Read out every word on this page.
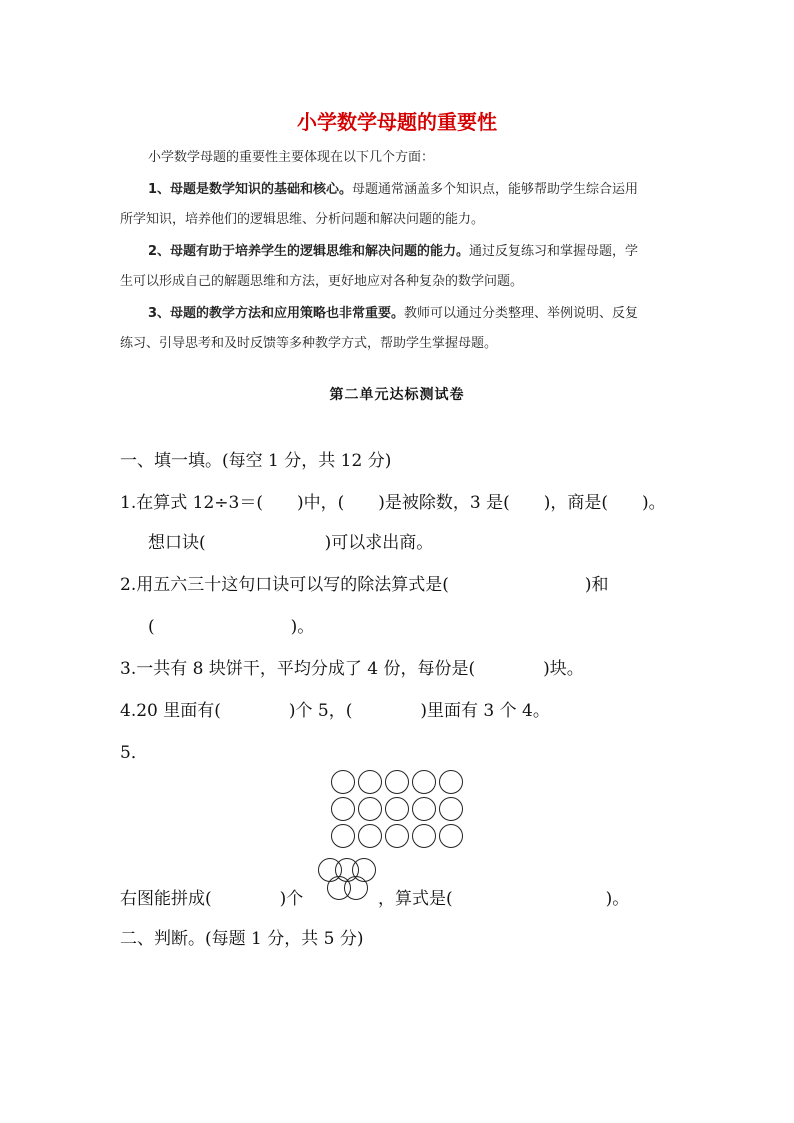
小学数学母题的重要性
小学数学母题的重要性主要体现在以下几个方面：
1、母题是数学知识的基础和核心。母题通常涵盖多个知识点，能够帮助学生综合运用
所学知识，培养他们的逻辑思维、分析问题和解决问题的能力。
2、母题有助于培养学生的逻辑思维和解决问题的能力。通过反复练习和掌握母题，学
生可以形成自己的解题思维和方法，更好地应对各种复杂的数学问题。
3、母题的教学方法和应用策略也非常重要。教师可以通过分类整理、举例说明、反复
练习、引导思考和及时反馈等多种教学方式，帮助学生掌握母题。
第二单元达标测试卷
一、填一填。(每空 1 分，共 12 分)
1.在算式 12÷3＝(　　)中，(　　)是被除数，3 是(　　)，商是(　　)。
想口诀(　　　　　　　)可以求出商。
2.用五六三十这句口诀可以写的除法算式是(　　　　　　　　)和
(　　　　　　　　)。
3.一共有 8 块饼干，平均分成了 4 份，每份是(　　　　)块。
4.20 里面有(　　　　)个 5，(　　　　)里面有 3 个 4。
5．
右图能拼成(　　　　)个	，算式是(　　　　　　　　　)。
二、判断。(每题 1 分，共 5 分)
